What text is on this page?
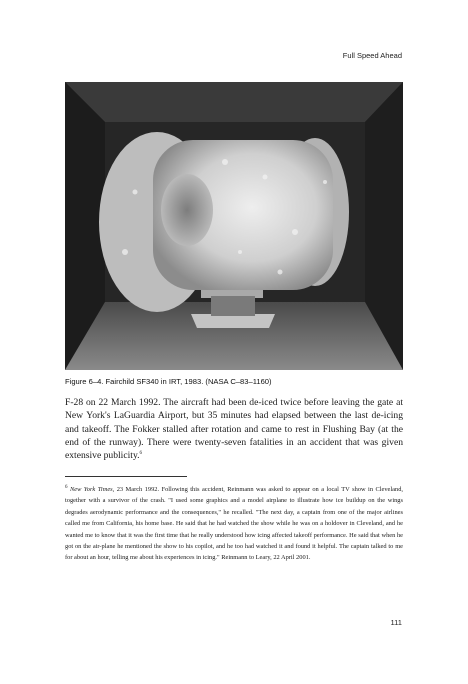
Full Speed Ahead
Figure 6–4. Fairchild SF340 in IRT, 1983. (NASA C–83–1160)

F-28 on 22 March 1992. The aircraft had been de-iced twice before leaving the gate at New York's LaGuardia Airport, but 35 minutes had elapsed between the last de-icing and takeoff. The Fokker stalled after rotation and came to rest in Flushing Bay (at the end of the runway). There were twenty-seven fatalities in an accident that was given extensive publicity.$^6$

$^6$ New York Times, 23 March 1992. Following this accident, Reinmann was asked to appear on a local TV show in Cleveland, together with a survivor of the crash. "I used some graphics and a model airplane to illustrate how ice buildup on the wings degrades aerodynamic performance and the consequences," he recalled. "The next day, a captain from one of the major airlines called me from California, his home base. He said that he had watched the show while he was on a holdover in Cleveland, and he wanted me to know that it was the first time that he really understood how icing affected takeoff performance. He said that when he got on the air-plane he mentioned the show to his copilot, and he too had watched it and found it helpful. The captain talked to me for about an hour, telling me about his experiences in icing." Reinmann to Leary, 22 April 2001.

111
